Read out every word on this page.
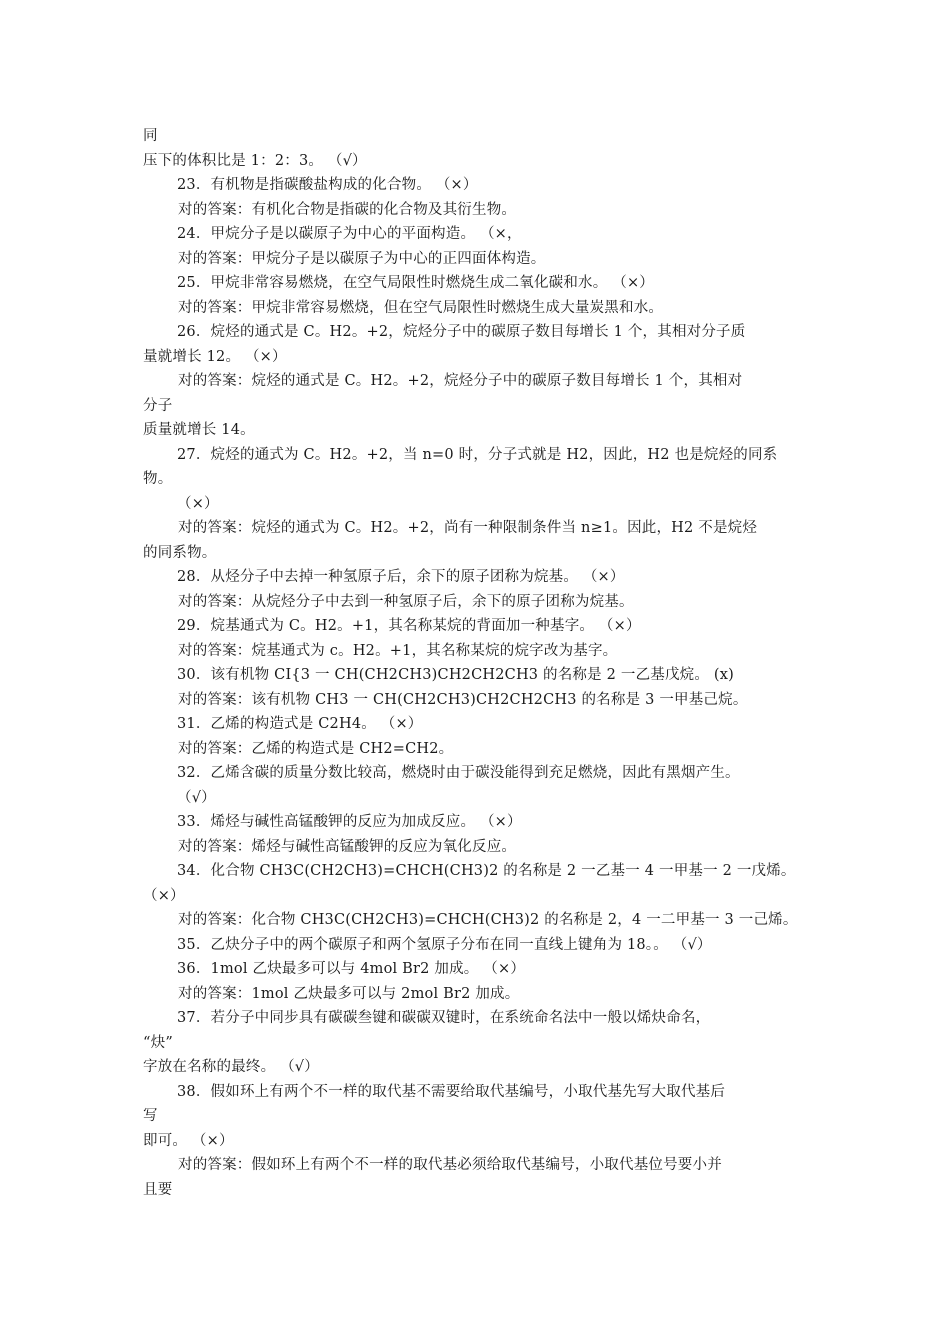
同
压下的体积比是 1：2：3。 （√）
23．有机物是指碳酸盐构成的化合物。 （×）
对的答案：有机化合物是指碳的化合物及其衍生物。
24．甲烷分子是以碳原子为中心的平面构造。 （×，
对的答案：甲烷分子是以碳原子为中心的正四面体构造。
25．甲烷非常容易燃烧，在空气局限性时燃烧生成二氧化碳和水。 （×）
对的答案：甲烷非常容易燃烧，但在空气局限性时燃烧生成大量炭黑和水。
26．烷烃的通式是 C。H2。+2，烷烃分子中的碳原子数目每增长 1 个，其相对分子质
量就增长 12。 （×）
对的答案：烷烃的通式是 C。H2。+2，烷烃分子中的碳原子数目每增长 1 个，其相对
分子
质量就增长 14。
27．烷烃的通式为 C。H2。+2，当 n=0 时，分子式就是 H2，因此，H2 也是烷烃的同系
物。
（×）
对的答案：烷烃的通式为 C。H2。+2，尚有一种限制条件当 n≥1。因此，H2 不是烷烃
的同系物。
28．从烃分子中去掉一种氢原子后，余下的原子团称为烷基。 （×）
对的答案：从烷烃分子中去到一种氢原子后，余下的原子团称为烷基。
29．烷基通式为 C。H2。+1，其名称某烷的背面加一种基字。 （×）
对的答案：烷基通式为 c。H2。+1，其名称某烷的烷字改为基字。
30．该有机物 CI{3 一 CH(CH2CH3)CH2CH2CH3 的名称是 2 一乙基戊烷。 (x)
对的答案：该有机物 CH3 一 CH(CH2CH3)CH2CH2CH3 的名称是 3 一甲基己烷。
31．乙烯的构造式是 C2H4。 （×）
对的答案：乙烯的构造式是 CH2=CH2。
32．乙烯含碳的质量分数比较高，燃烧时由于碳没能得到充足燃烧，因此有黑烟产生。
（√）
33．烯烃与碱性高锰酸钾的反应为加成反应。 （×）
对的答案：烯烃与碱性高锰酸钾的反应为氧化反应。
34．化合物 CH3C(CH2CH3)=CHCH(CH3)2 的名称是 2 一乙基一 4 一甲基一 2 一戊烯。
（×）
对的答案：化合物 CH3C(CH2CH3)=CHCH(CH3)2 的名称是 2，4 一二甲基一 3 一己烯。
35．乙炔分子中的两个碳原子和两个氢原子分布在同一直线上键角为 18。。 （√）
36．1mol 乙炔最多可以与 4mol Br2 加成。 （×）
对的答案：1mol 乙炔最多可以与 2mol Br2 加成。
37．若分子中同步具有碳碳叁键和碳碳双键时，在系统命名法中一般以烯炔命名，
“炔”
字放在名称的最终。 （√）
38．假如环上有两个不一样的取代基不需要给取代基编号，小取代基先写大取代基后
写
即可。 （×）
对的答案：假如环上有两个不一样的取代基必须给取代基编号，小取代基位号要小并
且要
